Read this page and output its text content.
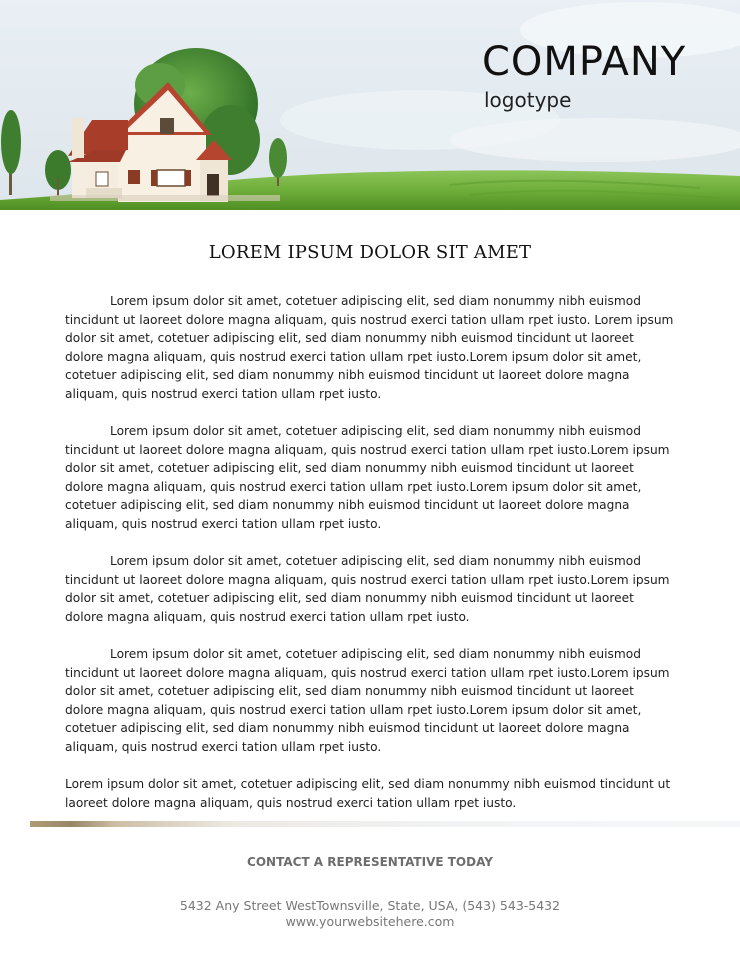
COMPANY
logotype
LOREM IPSUM DOLOR SIT AMET

Lorem ipsum dolor sit amet, cotetuer adipiscing elit, sed diam nonummy nibh euismod tincidunt ut laoreet dolore magna aliquam, quis nostrud exerci tation ullam rpet iusto. Lorem ipsum dolor sit amet, cotetuer adipiscing elit, sed diam nonummy nibh euismod tincidunt ut laoreet dolore magna aliquam, quis nostrud exerci tation ullam rpet iusto.Lorem ipsum dolor sit amet, cotetuer adipiscing elit, sed diam nonummy nibh euismod tincidunt ut laoreet dolore magna aliquam, quis nostrud exerci tation ullam rpet iusto.

Lorem ipsum dolor sit amet, cotetuer adipiscing elit, sed diam nonummy nibh euismod tincidunt ut laoreet dolore magna aliquam, quis nostrud exerci tation ullam rpet iusto.Lorem ipsum dolor sit amet, cotetuer adipiscing elit, sed diam nonummy nibh euismod tincidunt ut laoreet dolore magna aliquam, quis nostrud exerci tation ullam rpet iusto.Lorem ipsum dolor sit amet, cotetuer adipiscing elit, sed diam nonummy nibh euismod tincidunt ut laoreet dolore magna aliquam, quis nostrud exerci tation ullam rpet iusto.

Lorem ipsum dolor sit amet, cotetuer adipiscing elit, sed diam nonummy nibh euismod tincidunt ut laoreet dolore magna aliquam, quis nostrud exerci tation ullam rpet iusto.Lorem ipsum dolor sit amet, cotetuer adipiscing elit, sed diam nonummy nibh euismod tincidunt ut laoreet dolore magna aliquam, quis nostrud exerci tation ullam rpet iusto.

Lorem ipsum dolor sit amet, cotetuer adipiscing elit, sed diam nonummy nibh euismod tincidunt ut laoreet dolore magna aliquam, quis nostrud exerci tation ullam rpet iusto.Lorem ipsum dolor sit amet, cotetuer adipiscing elit, sed diam nonummy nibh euismod tincidunt ut laoreet dolore magna aliquam, quis nostrud exerci tation ullam rpet iusto.Lorem ipsum dolor sit amet, cotetuer adipiscing elit, sed diam nonummy nibh euismod tincidunt ut laoreet dolore magna aliquam, quis nostrud exerci tation ullam rpet iusto.

Lorem ipsum dolor sit amet, cotetuer adipiscing elit, sed diam nonummy nibh euismod tincidunt ut laoreet dolore magna aliquam, quis nostrud exerci tation ullam rpet iusto.

CONTACT A REPRESENTATIVE TODAY
5432 Any Street WestTownsville, State, USA, (543) 543-5432
www.yourwebsitehere.com
